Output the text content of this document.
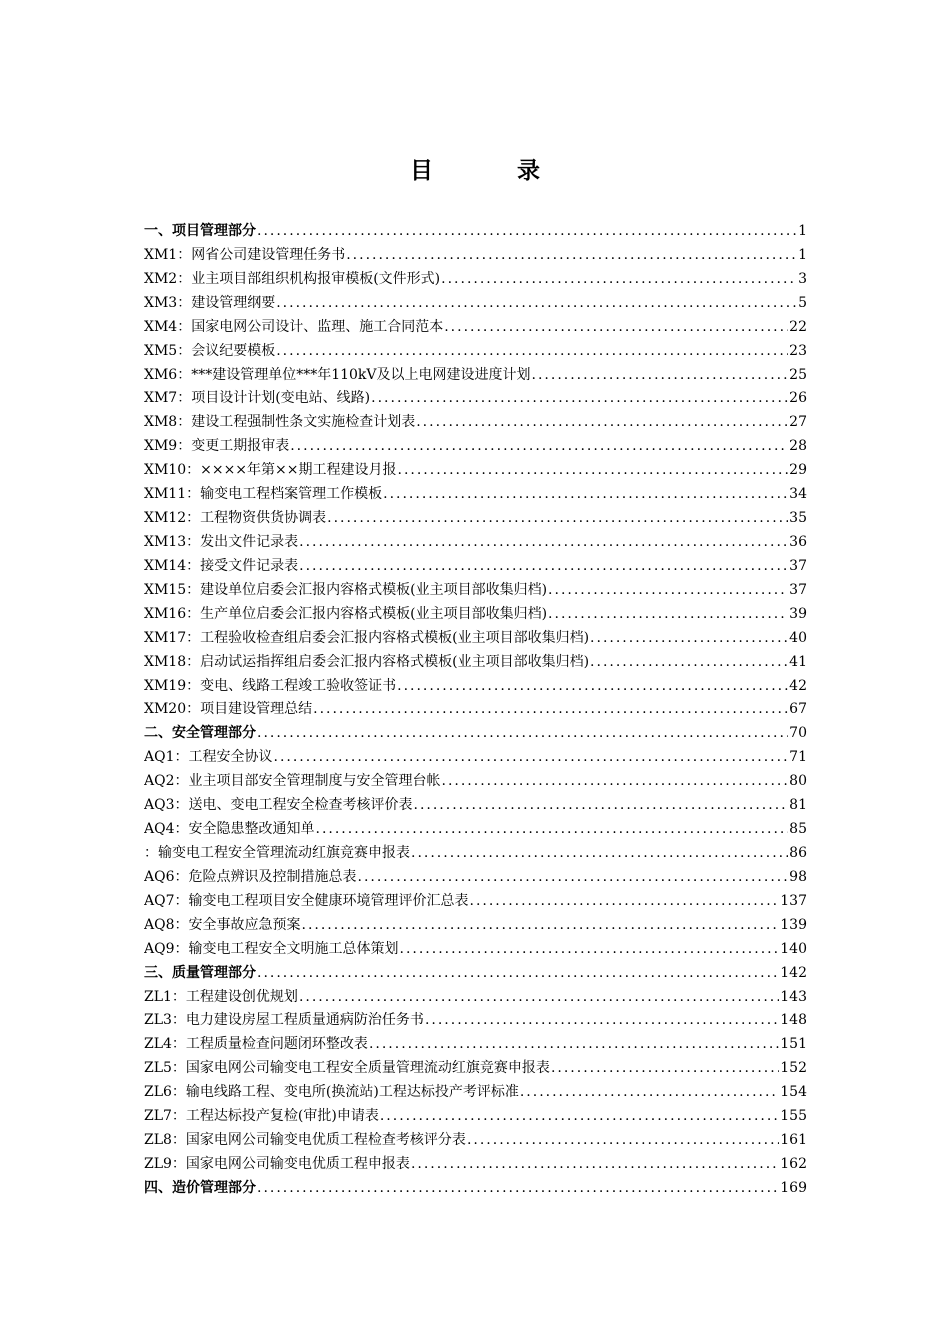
目 录
一、项目管理部分 .....	1
XM1：网省公司建设管理任务书 .....	1
XM2：业主项目部组织机构报审模板(文件形式) .....	3
XM3：建设管理纲要 .....	5
XM4：国家电网公司设计、监理、施工合同范本 .....	22
XM5：会议纪要模板 .....	23
XM6：***建设管理单位***年110kV及以上电网建设进度计划 .....	25
XM7：项目设计计划(变电站、线路) .....	26
XM8：建设工程强制性条文实施检查计划表 .....	27
XM9：变更工期报审表 .....	28
XM10：××××年第××期工程建设月报 .....	29
XM11：输变电工程档案管理工作模板 .....	34
XM12：工程物资供货协调表 .....	35
XM13：发出文件记录表 .....	36
XM14：接受文件记录表 .....	37
XM15：建设单位启委会汇报内容格式模板(业主项目部收集归档) .....	37
XM16：生产单位启委会汇报内容格式模板(业主项目部收集归档) .....	39
XM17：工程验收检查组启委会汇报内容格式模板(业主项目部收集归档) .....	40
XM18：启动试运指挥组启委会汇报内容格式模板(业主项目部收集归档) .....	41
XM19：变电、线路工程竣工验收签证书 .....	42
XM20：项目建设管理总结 .....	67
二、安全管理部分 .....	70
AQ1：工程安全协议 .....	71
AQ2：业主项目部安全管理制度与安全管理台帐 .....	80
AQ3：送电、变电工程安全检查考核评价表 .....	81
AQ4：安全隐患整改通知单 .....	85
：输变电工程安全管理流动红旗竞赛申报表 .....	86
AQ6：危险点辨识及控制措施总表 .....	98
AQ7：输变电工程项目安全健康环境管理评价汇总表 .....	137
AQ8：安全事故应急预案 .....	139
AQ9：输变电工程安全文明施工总体策划 .....	140
三、质量管理部分 .....	142
ZL1：工程建设创优规划 .....	143
ZL3：电力建设房屋工程质量通病防治任务书 .....	148
ZL4：工程质量检查问题闭环整改表 .....	151
ZL5：国家电网公司输变电工程安全质量管理流动红旗竞赛申报表 .....	152
ZL6：输电线路工程、变电所(换流站)工程达标投产考评标准 .....	154
ZL7：工程达标投产复检(审批)申请表 .....	155
ZL8：国家电网公司输变电优质工程检查考核评分表 .....	161
ZL9：国家电网公司输变电优质工程申报表 .....	162
四、造价管理部分 .....	169
